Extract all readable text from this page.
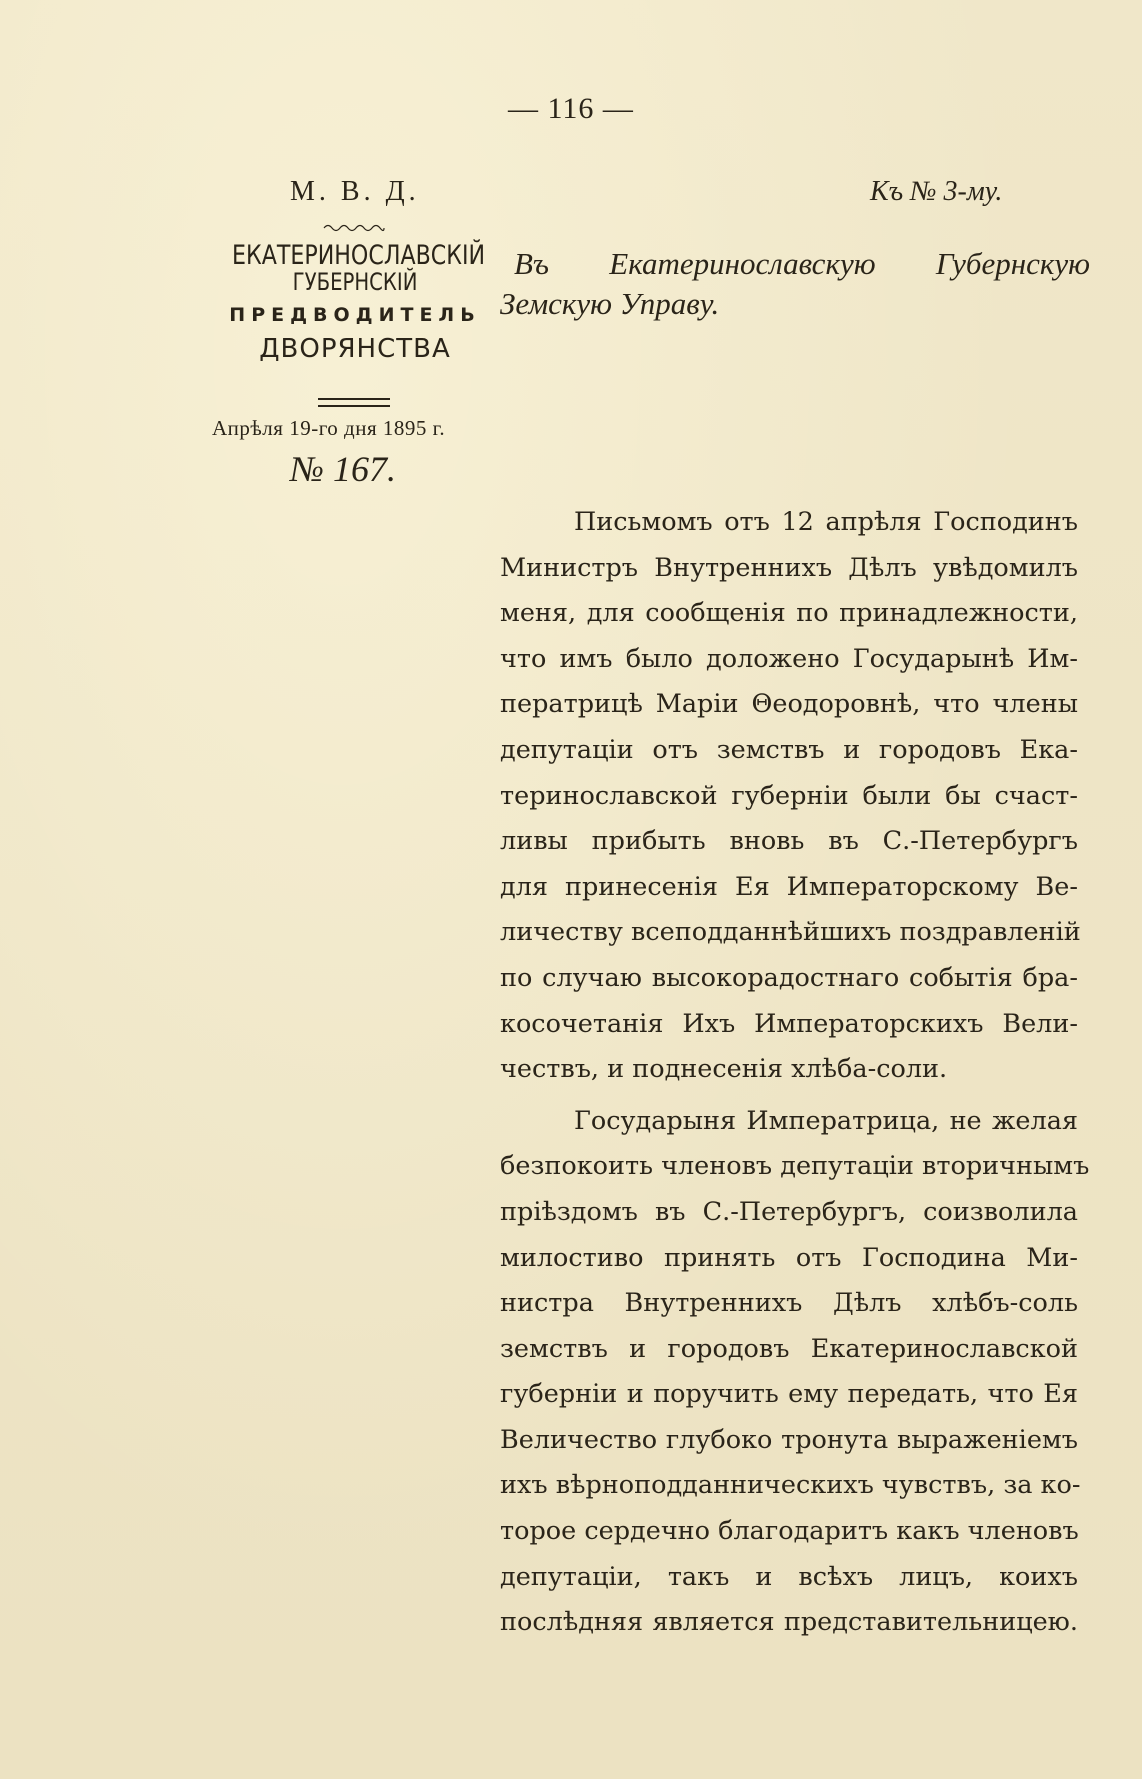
— 116 —
М. В. Д.	Къ № 3-му.
ЕКАТЕРИНОСЛАВСКІЙ
ГУБЕРНСКІЙ
ПРЕДВОДИТЕЛЬ
ДВОРЯНСТВА
Апрѣля 19-го дня 1895 г.
№ 167.
Въ Екатеринославскую Губернскую
Земскую Управу.
Письмомъ отъ 12 апрѣля Господинъ
Министръ Внутреннихъ Дѣлъ увѣдомилъ
меня, для сообщенія по принадлежности,
что имъ было доложено Государынѣ Им-
ператрицѣ Маріи Θеодоровнѣ, что члены
депутаціи отъ земствъ и городовъ Ека-
теринославской губерніи были бы счаст-
ливы прибыть вновь въ С.-Петербургъ
для принесенія Ея Императорскому Ве-
личеству всеподданнѣйшихъ поздравленій
по случаю высокорадостнаго событія бра-
косочетанія Ихъ Императорскихъ Вели-
чествъ, и поднесенія хлѣба-соли.
Государыня Императрица, не желая
безпокоить членовъ депутаціи вторичнымъ
пріѣздомъ въ С.-Петербургъ, соизволила
милостиво принять отъ Господина Ми-
нистра Внутреннихъ Дѣлъ хлѣбъ-соль
земствъ и городовъ Екатеринославской
губерніи и поручить ему передать, что Ея
Величество глубоко тронута выраженіемъ
ихъ вѣрноподданническихъ чувствъ, за ко-
торое сердечно благодаритъ какъ членовъ
депутаціи, такъ и всѣхъ лицъ, коихъ
послѣдняя является представительницею.
